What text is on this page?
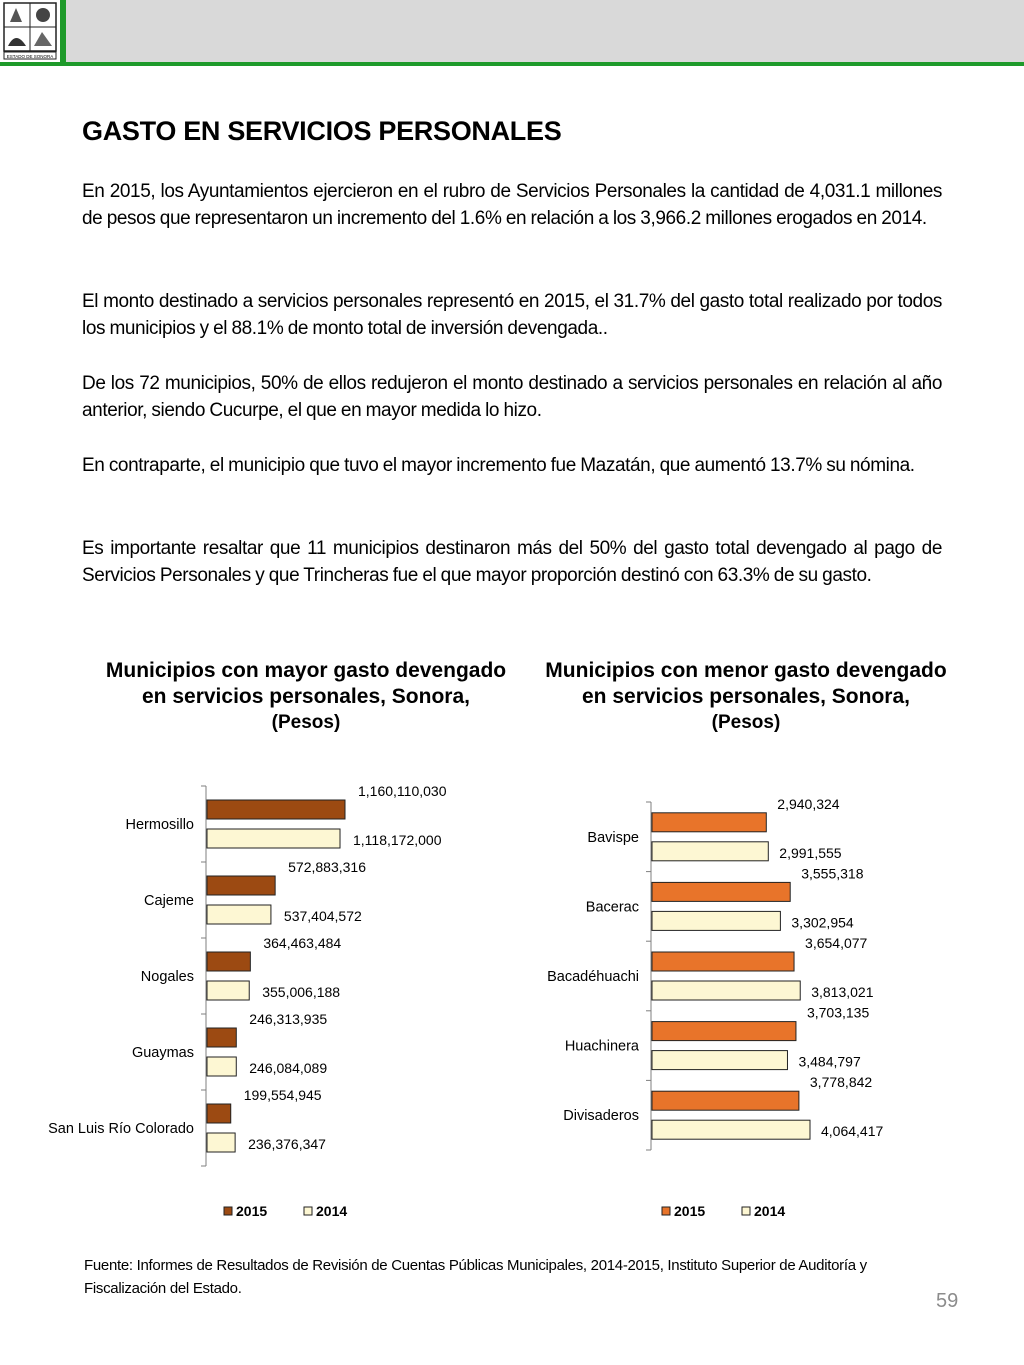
ESTADO DE SONORA
GASTO EN SERVICIOS PERSONALES

En 2015, los Ayuntamientos ejercieron en el rubro de Servicios Personales la cantidad de 4,031.1 millones de pesos que representaron un incremento del 1.6% en relación a los 3,966.2 millones erogados en 2014.

El monto destinado a servicios personales representó en 2015, el 31.7% del gasto total realizado por todos los municipios y el 88.1% de monto total de inversión devengada..

De los 72 municipios, 50% de ellos redujeron el monto destinado a servicios personales en relación al año anterior, siendo Cucurpe, el que en mayor medida lo hizo.

En contraparte, el municipio que tuvo el mayor incremento fue Mazatán, que aumentó 13.7% su nómina.

Es importante resaltar que 11 municipios destinaron más del 50% del gasto total devengado al pago de Servicios Personales y que Trincheras fue el que mayor proporción destinó con 63.3% de su gasto.

Municipios con mayor gasto devengado en servicios personales, Sonora,
(Pesos)
Municipios con menor gasto devengado en servicios personales, Sonora,
(Pesos)
Hermosillo
1,160,110,030
1,118,172,000
Cajeme
572,883,316
537,404,572
Nogales
364,463,484
355,006,188
Guaymas
246,313,935
246,084,089
San Luis Río Colorado
199,554,945
236,376,347
2015	2014
Bavispe
2,940,324
2,991,555
Bacerac
3,555,318
3,302,954
Bacadéhuachi
3,654,077
3,813,021
Huachinera
3,703,135
3,484,797
Divisaderos
3,778,842
4,064,417
2015	2014

Fuente: Informes de Resultados de Revisión de Cuentas Públicas Municipales, 2014-2015, Instituto Superior de Auditoría y Fiscalización del Estado.

59
